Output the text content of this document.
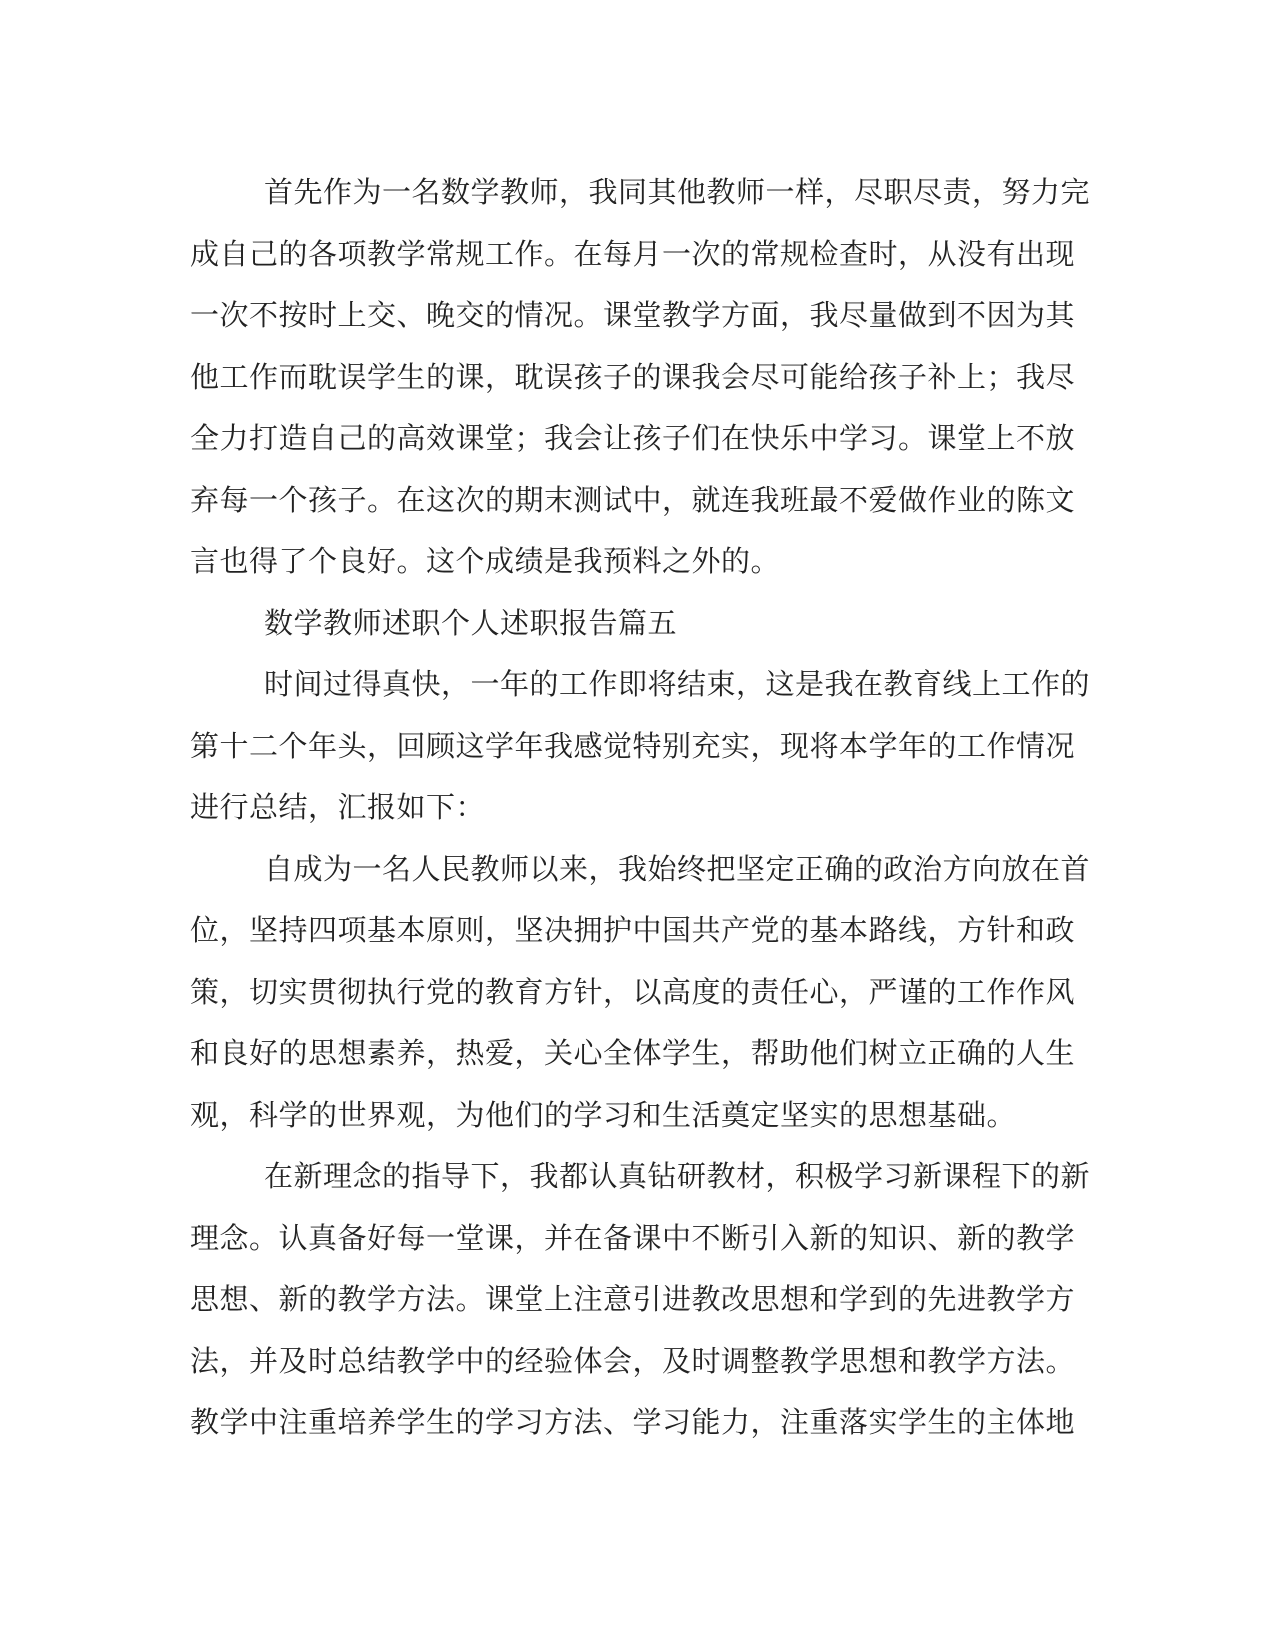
首先作为一名数学教师，我同其他教师一样，尽职尽责，努力完
成自己的各项教学常规工作。在每月一次的常规检查时，从没有出现
一次不按时上交、晚交的情况。课堂教学方面，我尽量做到不因为其
他工作而耽误学生的课，耽误孩子的课我会尽可能给孩子补上；我尽
全力打造自己的高效课堂；我会让孩子们在快乐中学习。课堂上不放
弃每一个孩子。在这次的期末测试中，就连我班最不爱做作业的陈文
言也得了个良好。这个成绩是我预料之外的。
数学教师述职个人述职报告篇五
时间过得真快，一年的工作即将结束，这是我在教育线上工作的
第十二个年头，回顾这学年我感觉特别充实，现将本学年的工作情况
进行总结，汇报如下：
自成为一名人民教师以来，我始终把坚定正确的政治方向放在首
位，坚持四项基本原则，坚决拥护中国共产党的基本路线，方针和政
策，切实贯彻执行党的教育方针，以高度的责任心，严谨的工作作风
和良好的思想素养，热爱，关心全体学生，帮助他们树立正确的人生
观，科学的世界观，为他们的学习和生活奠定坚实的思想基础。
在新理念的指导下，我都认真钻研教材，积极学习新课程下的新
理念。认真备好每一堂课，并在备课中不断引入新的知识、新的教学
思想、新的教学方法。课堂上注意引进教改思想和学到的先进教学方
法，并及时总结教学中的经验体会，及时调整教学思想和教学方法。
教学中注重培养学生的学习方法、学习能力，注重落实学生的主体地
